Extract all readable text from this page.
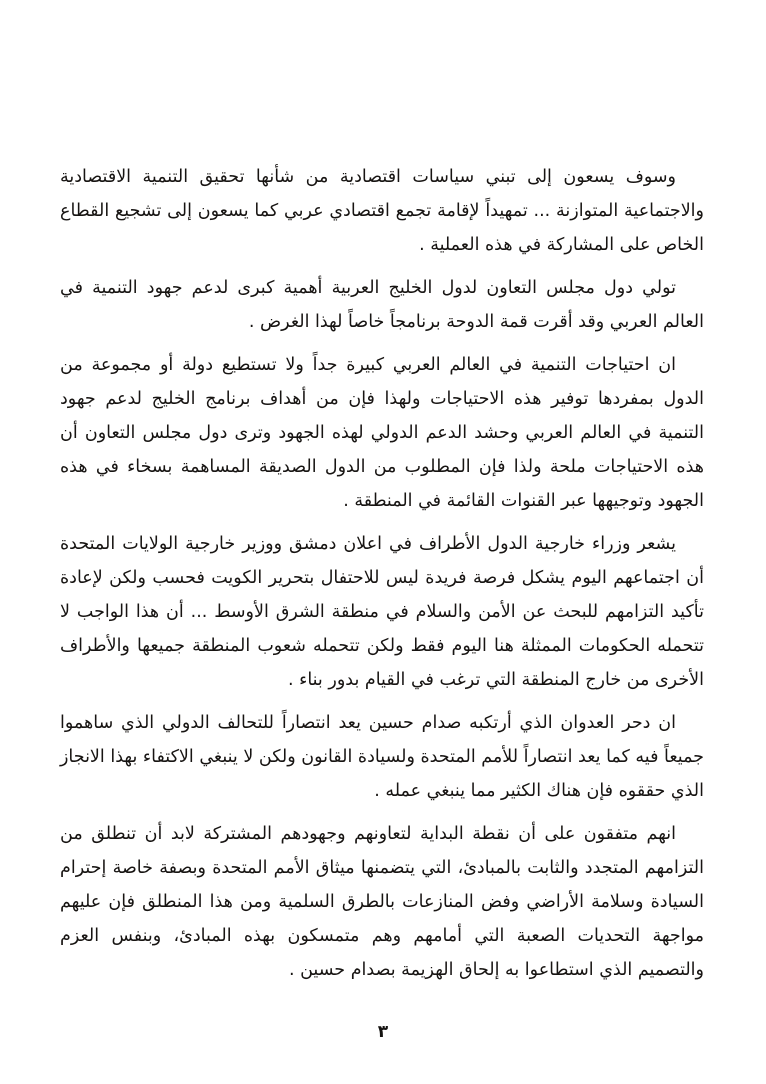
وسوف يسعون إلى تبني سياسات اقتصادية من شأنها تحقيق التنمية الاقتصادية والاجتماعية المتوازنة ... تمهيداً لإقامة تجمع اقتصادي عربي كما يسعون إلى تشجيع القطاع الخاص على المشاركة في هذه العملية .

تولي دول مجلس التعاون لدول الخليج العربية أهمية كبرى لدعم جهود التنمية في العالم العربي وقد أقرت قمة الدوحة برنامجاً خاصاً لهذا الغرض .

ان احتياجات التنمية في العالم العربي كبيرة جداً ولا تستطيع دولة أو مجموعة من الدول بمفردها توفير هذه الاحتياجات ولهذا فإن من أهداف برنامج الخليج لدعم جهود التنمية في العالم العربي وحشد الدعم الدولي لهذه الجهود وترى دول مجلس التعاون أن هذه الاحتياجات ملحة ولذا فإن المطلوب من الدول الصديقة المساهمة بسخاء في هذه الجهود وتوجيهها عبر القنوات القائمة في المنطقة .

يشعر وزراء خارجية الدول الأطراف في اعلان دمشق ووزير خارجية الولايات المتحدة أن اجتماعهم اليوم يشكل فرصة فريدة ليس للاحتفال بتحرير الكويت فحسب ولكن لإعادة تأكيد التزامهم للبحث عن الأمن والسلام في منطقة الشرق الأوسط ... أن هذا الواجب لا تتحمله الحكومات الممثلة هنا اليوم فقط ولكن تتحمله شعوب المنطقة جميعها والأطراف الأخرى من خارج المنطقة التي ترغب في القيام بدور بناء .

ان دحر العدوان الذي أرتكبه صدام حسين يعد انتصاراً للتحالف الدولي الذي ساهموا جميعاً فيه كما يعد انتصاراً للأمم المتحدة ولسيادة القانون ولكن لا ينبغي الاكتفاء بهذا الانجاز الذي حققوه فإن هناك الكثير مما ينبغي عمله .

انهم متفقون على أن نقطة البداية لتعاونهم وجهودهم المشتركة لابد أن تنطلق من التزامهم المتجدد والثابت بالمبادئ، التي يتضمنها ميثاق الأمم المتحدة وبصفة خاصة إحترام السيادة وسلامة الأراضي وفض المنازعات بالطرق السلمية ومن هذا المنطلق فإن عليهم مواجهة التحديات الصعبة التي أمامهم وهم متمسكون بهذه المبادئ، وبنفس العزم والتصميم الذي استطاعوا به إلحاق الهزيمة بصدام حسين .

٣
